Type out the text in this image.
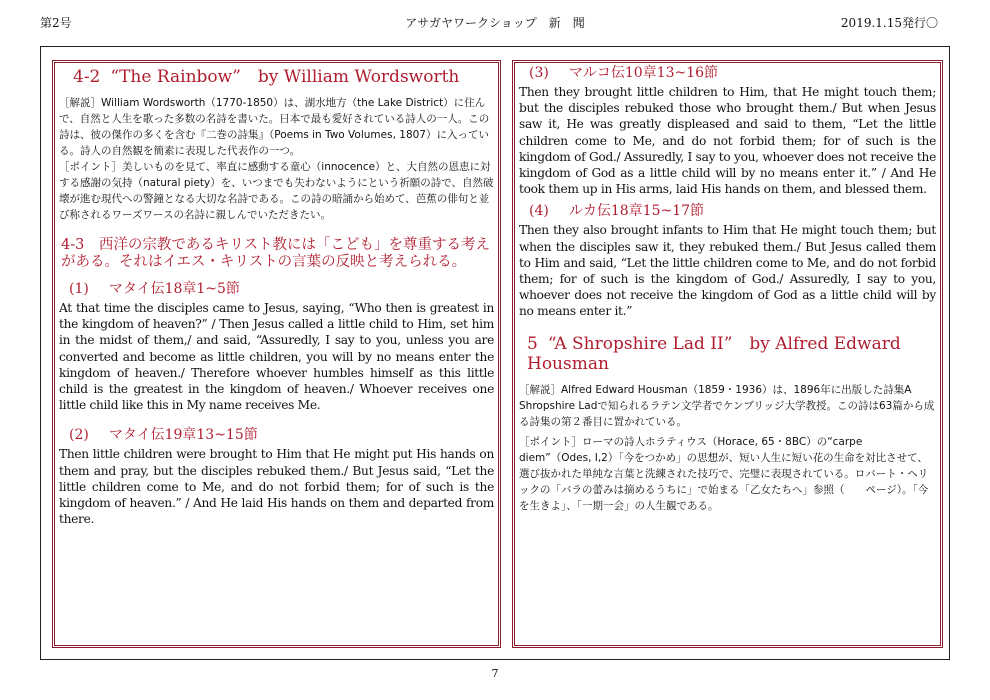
第2号	アサガヤワークショップ　新　聞	2019.1.15発行〇
4-2 “The Rainbow”　by William Wordsworth

［解説］William Wordsworth（1770-1850）は、湖水地方（the Lake District）に住んで、自然と人生を歌った多数の名詩を書いた。日本で最も愛好されている詩人の一人。この詩は、彼の傑作の多くを含む『二巻の詩集』（Poems in Two Volumes, 1807）に入っている。詩人の自然観を簡素に表現した代表作の一つ。

［ポイント］美しいものを見て、率直に感動する童心（innocence）と、大自然の恩恵に対する感謝の気持（natural piety）を、いつまでも失わないようにという祈願の詩で、自然破壊が進む現代への警鐘となる大切な名詩である。この詩の暗誦から始めて、芭蕉の俳句と並び称されるワーズワースの名詩に親しんでいただきたい。

4-3　西洋の宗教であるキリスト教には「こども」を尊重する考えがある。それはイエス・キリストの言葉の反映と考えられる。
(1) マタイ伝18章1~5節

At that time the disciples came to Jesus, saying, “Who then is greatest in the kingdom of heaven?” / Then Jesus called a little child to Him, set him in the midst of them,/ and said, “Assuredly, I say to you, unless you are converted and become as little children, you will by no means enter the kingdom of heaven./ Therefore whoever humbles himself as this little child is the greatest in the kingdom of heaven./ Whoever receives one little child like this in My name receives Me.

(2) マタイ伝19章13~15節

Then little children were brought to Him that He might put His hands on them and pray, but the disciples rebuked them./ But Jesus said, “Let the little children come to Me, and do not forbid them; for of such is the kingdom of heaven.” / And He laid His hands on them and departed from there.

(3) マルコ伝10章13~16節

Then they brought little children to Him, that He might touch them; but the disciples rebuked those who brought them./ But when Jesus saw it, He was greatly displeased and said to them, “Let the little children come to Me, and do not forbid them; for of such is the kingdom of God./ Assuredly, I say to you, whoever does not receive the kingdom of God as a little child will by no means enter it.” / And He took them up in His arms, laid His hands on them, and blessed them.

(4) ルカ伝18章15~17節

Then they also brought infants to Him that He might touch them; but when the disciples saw it, they rebuked them./ But Jesus called them to Him and said, “Let the little children come to Me, and do not forbid them; for of such is the kingdom of God./ Assuredly, I say to you, whoever does not receive the kingdom of God as a little child will by no means enter it.”

5 “A Shropshire Lad II”　by Alfred Edward Housman

［解説］Alfred Edward Housman（1859・1936）は、1896年に出版した詩集A Shropshire Ladで知られるラテン文学者でケンブリッジ大学教授。この詩は63篇から成る詩集の第２番目に置かれている。

［ポイント］ローマの詩人ホラティウス（Horace, 65・8BC）の“carpe diem”（Odes, I,2）「今をつかめ」の思想が、短い人生に短い花の生命を対比させて、選び抜かれた単純な言葉と洗練された技巧で、完璧に表現されている。ロバート・ヘリックの「バラの蕾みは摘めるうちに」で始まる「乙女たちへ」参照（　　ページ）。「今を生きよ」、「一期一会」の人生観である。

7
